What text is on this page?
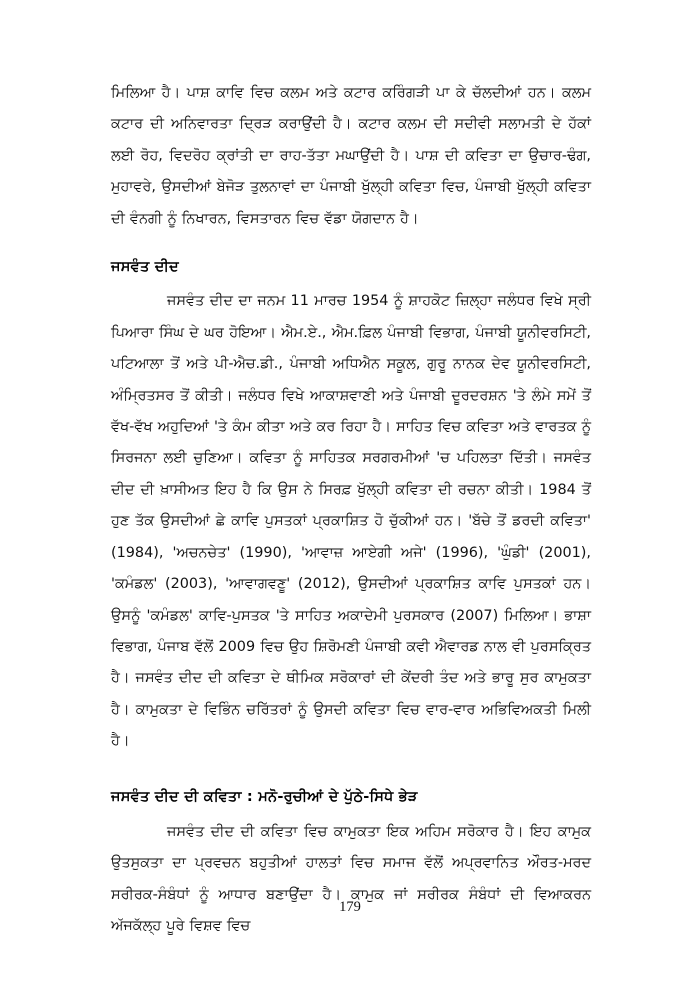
ਮਿਲਿਆ ਹੈ। ਪਾਸ਼ ਕਾਵਿ ਵਿਚ ਕਲਮ ਅਤੇ ਕਟਾਰ ਕਰਿੰਗੜੀ ਪਾ ਕੇ ਚੱਲਦੀਆਂ ਹਨ। ਕਲਮ ਕਟਾਰ ਦੀ ਅਨਿਵਾਰਤਾ ਦ੍ਰਿੜ ਕਰਾਉਂਦੀ ਹੈ। ਕਟਾਰ ਕਲਮ ਦੀ ਸਦੀਵੀ ਸਲਾਮਤੀ ਦੇ ਹੱਕਾਂ ਲਈ ਰੋਹ, ਵਿਦਰੋਹ ਕ੍ਰਾਂਤੀ ਦਾ ਰਾਹ-ਤੱਤਾ ਮਘਾਉਂਦੀ ਹੈ। ਪਾਸ਼ ਦੀ ਕਵਿਤਾ ਦਾ ਉਚਾਰ-ਢੰਗ, ਮੁਹਾਵਰੇ, ਉਸਦੀਆਂ ਬੇਜੋੜ ਤੁਲਨਾਵਾਂ ਦਾ ਪੰਜਾਬੀ ਖੁੱਲ੍ਹੀ ਕਵਿਤਾ ਵਿਚ, ਪੰਜਾਬੀ ਖੁੱਲ੍ਹੀ ਕਵਿਤਾ ਦੀ ਵੰਨਗੀ ਨੂੰ ਨਿਖਾਰਨ, ਵਿਸਤਾਰਨ ਵਿਚ ਵੱਡਾ ਯੋਗਦਾਨ ਹੈ।

ਜਸਵੰਤ ਦੀਦ

ਜਸਵੰਤ ਦੀਦ ਦਾ ਜਨਮ 11 ਮਾਰਚ 1954 ਨੂੰ ਸ਼ਾਹਕੋਟ ਜ਼ਿਲ੍ਹਾ ਜਲੰਧਰ ਵਿਖੇ ਸ੍ਰੀ ਪਿਆਰਾ ਸਿੰਘ ਦੇ ਘਰ ਹੋਇਆ। ਐਮ.ਏ., ਐਮ.ਫ਼ਿਲ ਪੰਜਾਬੀ ਵਿਭਾਗ, ਪੰਜਾਬੀ ਯੂਨੀਵਰਸਿਟੀ, ਪਟਿਆਲਾ ਤੋਂ ਅਤੇ ਪੀ-ਐਚ.ਡੀ., ਪੰਜਾਬੀ ਅਧਿਐਨ ਸਕੂਲ, ਗੁਰੂ ਨਾਨਕ ਦੇਵ ਯੂਨੀਵਰਸਿਟੀ, ਅੰਮ੍ਰਿਤਸਰ ਤੋਂ ਕੀਤੀ। ਜਲੰਧਰ ਵਿਖੇ ਆਕਾਸ਼ਵਾਣੀ ਅਤੇ ਪੰਜਾਬੀ ਦੂਰਦਰਸ਼ਨ 'ਤੇ ਲੰਮੇ ਸਮੇਂ ਤੋਂ ਵੱਖ-ਵੱਖ ਅਹੁਦਿਆਂ 'ਤੇ ਕੰਮ ਕੀਤਾ ਅਤੇ ਕਰ ਰਿਹਾ ਹੈ। ਸਾਹਿਤ ਵਿਚ ਕਵਿਤਾ ਅਤੇ ਵਾਰਤਕ ਨੂੰ ਸਿਰਜਨਾ ਲਈ ਚੁਣਿਆ। ਕਵਿਤਾ ਨੂੰ ਸਾਹਿਤਕ ਸਰਗਰਮੀਆਂ 'ਚ ਪਹਿਲਤਾ ਦਿੱਤੀ। ਜਸਵੰਤ ਦੀਦ ਦੀ ਖ਼ਾਸੀਅਤ ਇਹ ਹੈ ਕਿ ਉਸ ਨੇ ਸਿਰਫ਼ ਖੁੱਲ੍ਹੀ ਕਵਿਤਾ ਦੀ ਰਚਨਾ ਕੀਤੀ। 1984 ਤੋਂ ਹੁਣ ਤੱਕ ਉਸਦੀਆਂ ਛੇ ਕਾਵਿ ਪੁਸਤਕਾਂ ਪ੍ਰਕਾਸ਼ਿਤ ਹੋ ਚੁੱਕੀਆਂ ਹਨ। 'ਬੱਚੇ ਤੋਂ ਡਰਦੀ ਕਵਿਤਾ' (1984), 'ਅਚਨਚੇਤ' (1990), 'ਆਵਾਜ਼ ਆਏਗੀ ਅਜੇ' (1996), 'ਘੁੰਡੀ' (2001), 'ਕਮੰਡਲ' (2003), 'ਆਵਾਗਵਣੂ' (2012), ਉਸਦੀਆਂ ਪ੍ਰਕਾਸ਼ਿਤ ਕਾਵਿ ਪੁਸਤਕਾਂ ਹਨ। ਉਸਨੂੰ 'ਕਮੰਡਲ' ਕਾਵਿ-ਪੁਸਤਕ 'ਤੇ ਸਾਹਿਤ ਅਕਾਦੇਮੀ ਪੁਰਸਕਾਰ (2007) ਮਿਲਿਆ। ਭਾਸ਼ਾ ਵਿਭਾਗ, ਪੰਜਾਬ ਵੱਲੋਂ 2009 ਵਿਚ ਉਹ ਸ਼ਿਰੋਮਣੀ ਪੰਜਾਬੀ ਕਵੀ ਐਵਾਰਡ ਨਾਲ ਵੀ ਪੁਰਸਕ੍ਰਿਤ ਹੈ। ਜਸਵੰਤ ਦੀਦ ਦੀ ਕਵਿਤਾ ਦੇ ਥੀਮਿਕ ਸਰੋਕਾਰਾਂ ਦੀ ਕੇਂਦਰੀ ਤੰਦ ਅਤੇ ਭਾਰੂ ਸੁਰ ਕਾਮੁਕਤਾ ਹੈ। ਕਾਮੁਕਤਾ ਦੇ ਵਿਭਿੰਨ ਚਰਿੱਤਰਾਂ ਨੂੰ ਉਸਦੀ ਕਵਿਤਾ ਵਿਚ ਵਾਰ-ਵਾਰ ਅਭਿਵਿਅਕਤੀ ਮਿਲੀ ਹੈ।

ਜਸਵੰਤ ਦੀਦ ਦੀ ਕਵਿਤਾ : ਮਨੋ-ਰੁਚੀਆਂ ਦੇ ਪੁੱਠੇ-ਸਿਧੇ ਭੇੜ

ਜਸਵੰਤ ਦੀਦ ਦੀ ਕਵਿਤਾ ਵਿਚ ਕਾਮੁਕਤਾ ਇਕ ਅਹਿਮ ਸਰੋਕਾਰ ਹੈ। ਇਹ ਕਾਮੁਕ ਉਤਸੁਕਤਾ ਦਾ ਪ੍ਰਵਚਨ ਬਹੁਤੀਆਂ ਹਾਲਤਾਂ ਵਿਚ ਸਮਾਜ ਵੱਲੋਂ ਅਪ੍ਰਵਾਨਿਤ ਔਰਤ-ਮਰਦ ਸਰੀਰਕ-ਸੰਬੰਧਾਂ ਨੂੰ ਆਧਾਰ ਬਣਾਉਂਦਾ ਹੈ। ਕਾਮੁਕ ਜਾਂ ਸਰੀਰਕ ਸੰਬੰਧਾਂ ਦੀ ਵਿਆਕਰਨ ਅੱਜਕੱਲ੍ਹ ਪੂਰੇ ਵਿਸ਼ਵ ਵਿਚ

179
